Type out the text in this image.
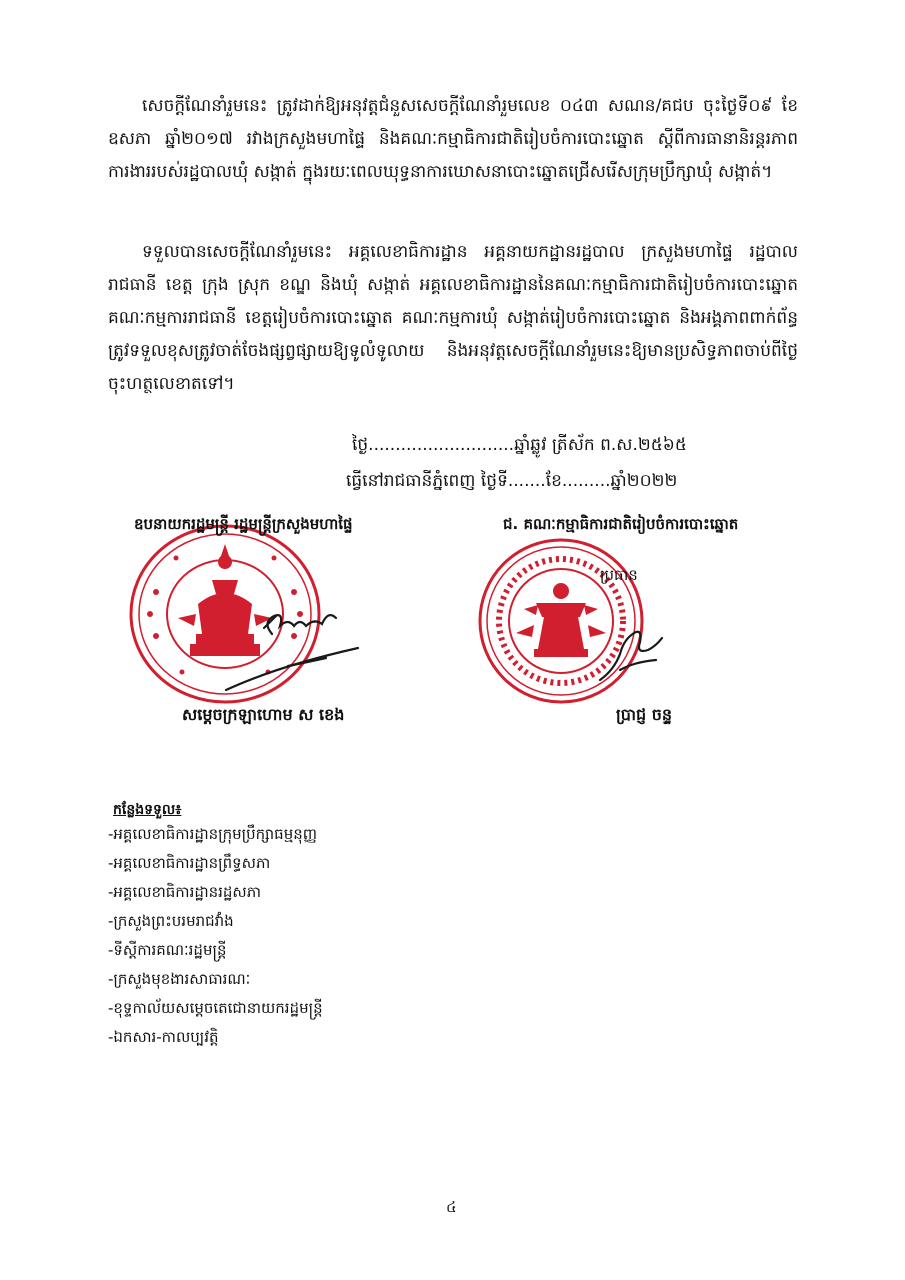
សេចក្តីណែនាំរួមនេះ ត្រូវដាក់ឱ្យអនុវត្តជំនួសសេចក្តីណែនាំរួមលេខ ០៤៣ សណន/គជប ចុះថ្ងៃទី០៩ ខែឧសភា ឆ្នាំ២០១៧ រវាងក្រសួងមហាផ្ទៃ និងគណៈកម្មាធិការជាតិរៀបចំការបោះឆ្នោត ស្តីពីការធានានិរន្តរភាពការងាររបស់រដ្ឋបាលឃុំ សង្កាត់ ក្នុងរយៈពេលឃុទ្ធនាការឃោសនាបោះឆ្នោតជ្រើសរើសក្រុមប្រឹក្សាឃុំ សង្កាត់។

ទទួលបានសេចក្តីណែនាំរួមនេះ អគ្គលេខាធិការដ្ឋាន អគ្គនាយកដ្ឋានរដ្ឋបាល ក្រសួងមហាផ្ទៃ រដ្ឋបាលរាជធានី ខេត្ត ក្រុង ស្រុក ខណ្ឌ និងឃុំ សង្កាត់ អគ្គលេខាធិការដ្ឋាននៃគណៈកម្មាធិការជាតិរៀបចំការបោះឆ្នោត គណៈកម្មការរាជធានី ខេត្តរៀបចំការបោះឆ្នោត គណៈកម្មការឃុំ សង្កាត់រៀបចំការបោះឆ្នោត និងអង្គភាពពាក់ព័ន្ធ ត្រូវទទួលខុសត្រូវចាត់ចែងផ្សព្វផ្សាយឱ្យទូលំទូលាយ និងអនុវត្តសេចក្តីណែនាំរួមនេះឱ្យមានប្រសិទ្ធភាពចាប់ពីថ្ងៃចុះហត្ថលេខាតទៅ។

ថ្ងៃ...........................ឆ្នាំឆ្លូវ ត្រីស័ក ព.ស.២៥៦៥
ធ្វើនៅរាជធានីភ្នំពេញ ថ្ងៃទី.......ខែ.........ឆ្នាំ២០២២
ឧបនាយករដ្ឋមន្ត្រី រដ្ឋមន្ត្រីក្រសួងមហាផ្ទៃ	ជ. គណៈកម្មាធិការជាតិរៀបចំការបោះឆ្នោត
ប្រធាន
សម្តេចក្រឡាហោម ស ខេង	ប្រាជ្ញ ចន្ទ
កន្លែងទទួល៖
-អគ្គលេខាធិការដ្ឋានក្រុមប្រឹក្សាធម្មនុញ្ញ
-អគ្គលេខាធិការដ្ឋានព្រឹទ្ធសភា
-អគ្គលេខាធិការដ្ឋានរដ្ឋសភា
-ក្រសួងព្រះបរមរាជវាំង
-ទីស្តីការគណៈរដ្ឋមន្ត្រី
-ក្រសួងមុខងារសាធារណៈ
-ខុទ្ទកាល័យសម្តេចតេជោនាយករដ្ឋមន្ត្រី
-ឯកសារ-កាលប្បវត្តិ
៤
